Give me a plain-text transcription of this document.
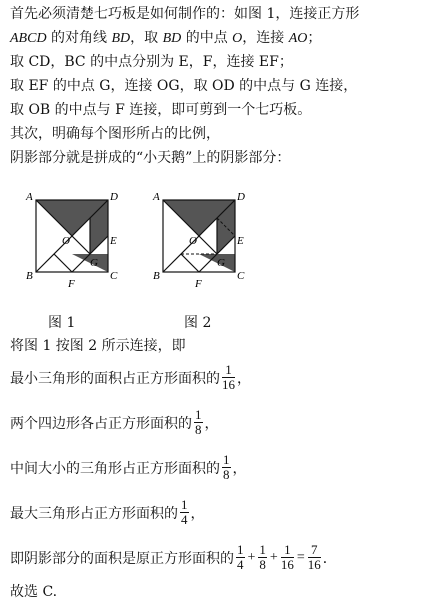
首先必须清楚七巧板是如何制作的：如图 1，连接正方形
ABCD 的对角线 BD，取 BD 的中点 O，连接 AO；
取 CD，BC 的中点分别为 E，F，连接 EF；
取 EF 的中点 G，连接 OG，取 OD 的中点与 G 连接，
取 OB 的中点与 F 连接，即可剪到一个七巧板。
其次，明确每个图形所占的比例，
阴影部分就是拼成的“小天鹅”上的阴影部分：
A	D
E
B	C
F
O
G
图 1
A	D
E
B	C
F
O
G
图 2
将图 1 按图 2 所示连接，即
最小三角形的面积占正方形面积的 $\frac{1}{16}$ ，
两个四边形各占正方形面积的 $\frac{1}{8}$ ，
中间大小的三角形占正方形面积的 $\frac{1}{8}$ ，
最大三角形占正方形面积的 $\frac{1}{4}$ ，
即阴影部分的面积是原正方形面积的 $\frac{1}{4} + \frac{1}{8} + \frac{1}{16} = \frac{7}{16}$ ．
故选 C.
